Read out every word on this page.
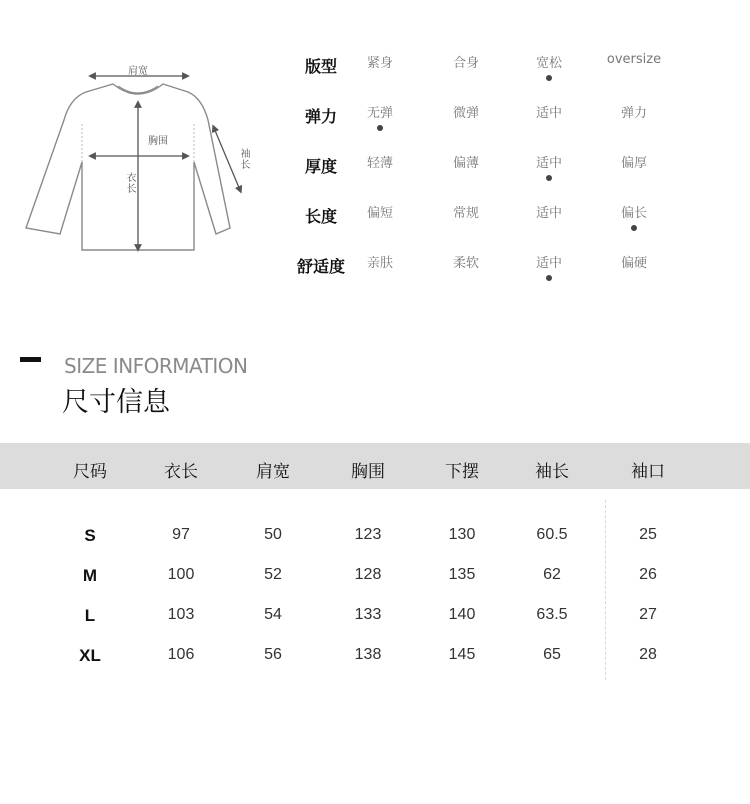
肩宽
胸围
衣长
袖长
版型	紧身	合身	宽松	oversize
弹力	无弹	微弹	适中	弹力
厚度	轻薄	偏薄	适中	偏厚
长度	偏短	常规	适中	偏长
舒适度	亲肤	柔软	适中	偏硬
SIZE INFORMATION
尺寸信息
尺码	衣长	肩宽	胸围	下摆	袖长	袖口
S	97	50	123	130	60.5	25
M	100	52	128	135	62	26
L	103	54	133	140	63.5	27
XL	106	56	138	145	65	28
